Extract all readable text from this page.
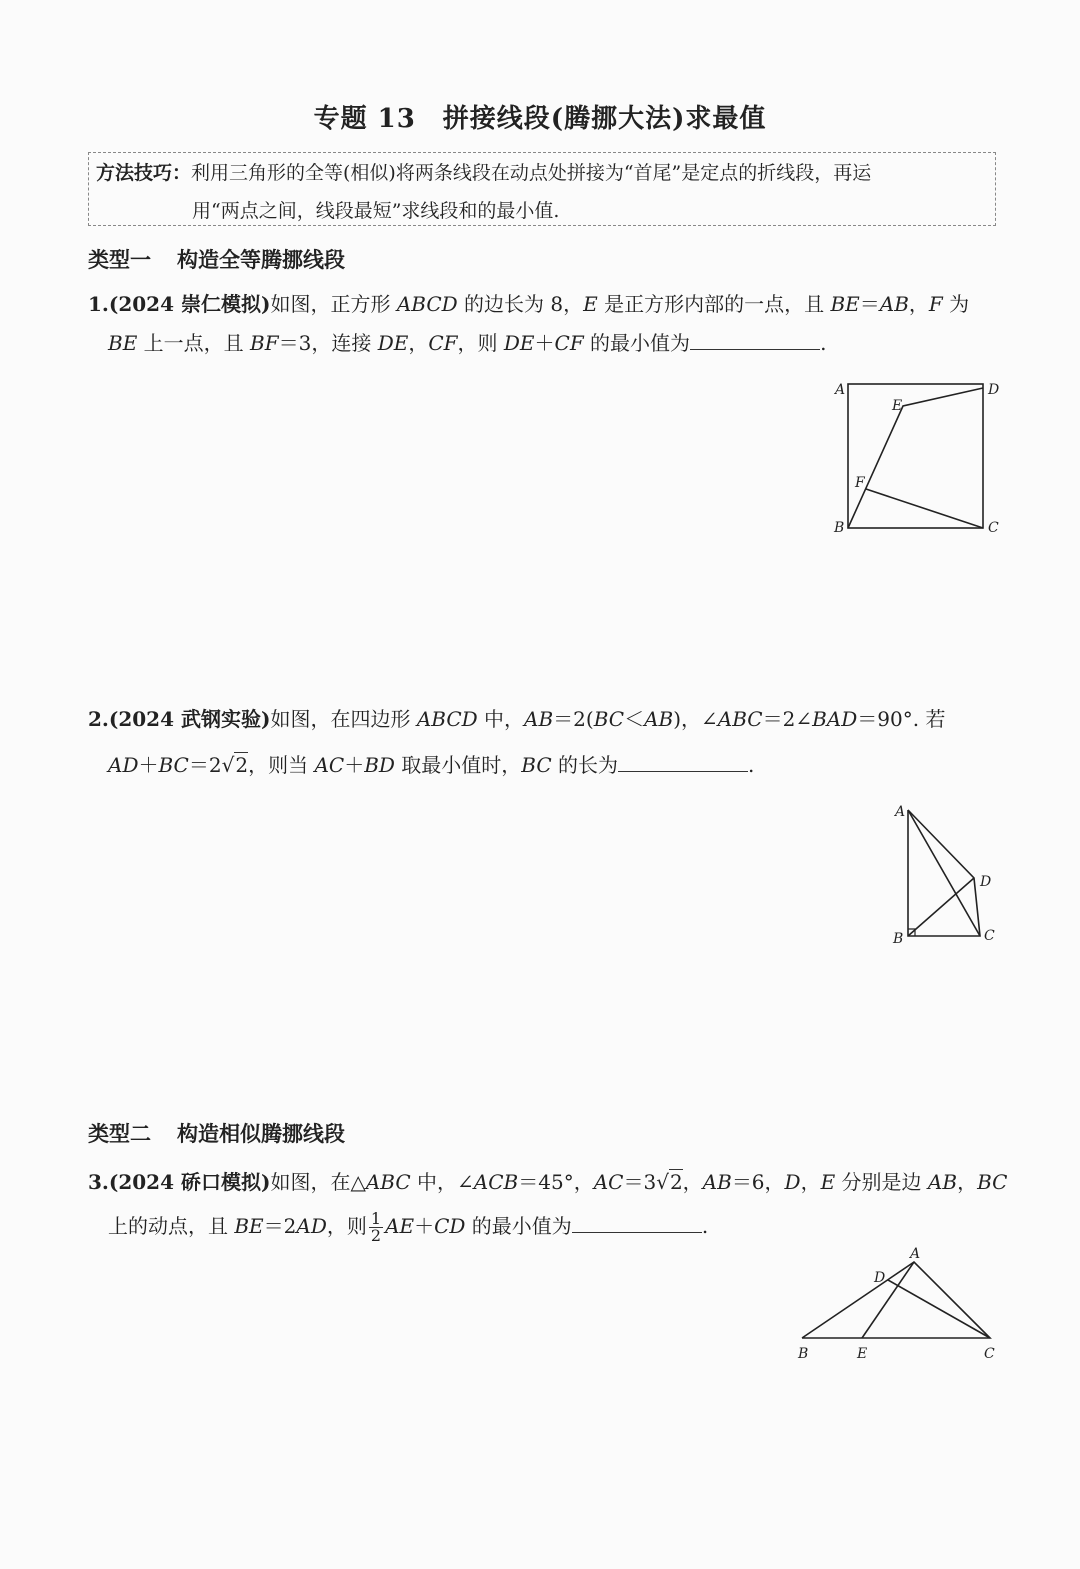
专题 13　拼接线段(腾挪大法)求最值
方法技巧：利用三角形的全等(相似)将两条线段在动点处拼接为“首尾”是定点的折线段，再运
用“两点之间，线段最短”求线段和的最小值.
类型一 构造全等腾挪线段
1.(2024 崇仁模拟)如图，正方形 ABCD 的边长为 8，E 是正方形内部的一点，且 BE＝AB，F 为
BE 上一点，且 BF＝3，连接 DE，CF，则 DE＋CF 的最小值为	.
A	D
E
F
B	C
2.(2024 武钢实验)如图，在四边形 ABCD 中，AB＝2(BC＜AB)，∠ABC＝2∠BAD＝90°. 若
AD＋BC＝2√2，则当 AC＋BD 取最小值时，BC 的长为	.
A
D
B	C
类型二 构造相似腾挪线段
3.(2024 硚口模拟)如图，在△ABC 中，∠ACB＝45°，AC＝3√2，AB＝6，D，E 分别是边 AB，BC
上的动点，且 BE＝2AD，则 $\frac{1}{2} AE+CD$ 的最小值为	.
A
D
B	E	C
